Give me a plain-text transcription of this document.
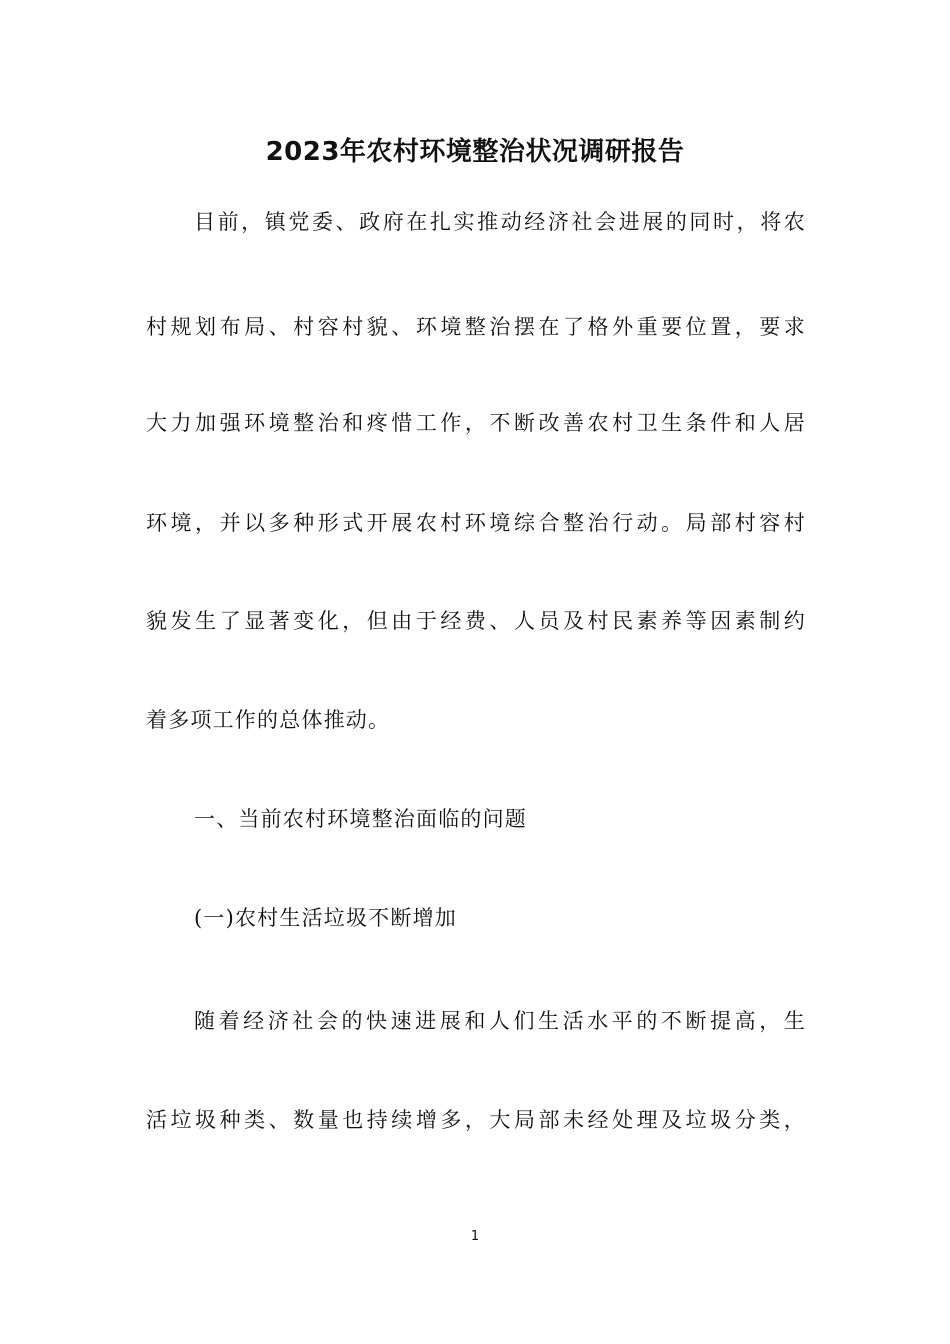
2023年农村环境整治状况调研报告
目前，镇党委、政府在扎实推动经济社会进展的同时，将农
村规划布局、村容村貌、环境整治摆在了格外重要位置，要求
大力加强环境整治和疼惜工作，不断改善农村卫生条件和人居
环境，并以多种形式开展农村环境综合整治行动。局部村容村
貌发生了显著变化，但由于经费、人员及村民素养等因素制约
着多项工作的总体推动。
一、当前农村环境整治面临的问题
(一)农村生活垃圾不断增加
随着经济社会的快速进展和人们生活水平的不断提高，生
活垃圾种类、数量也持续增多，大局部未经处理及垃圾分类，
1
